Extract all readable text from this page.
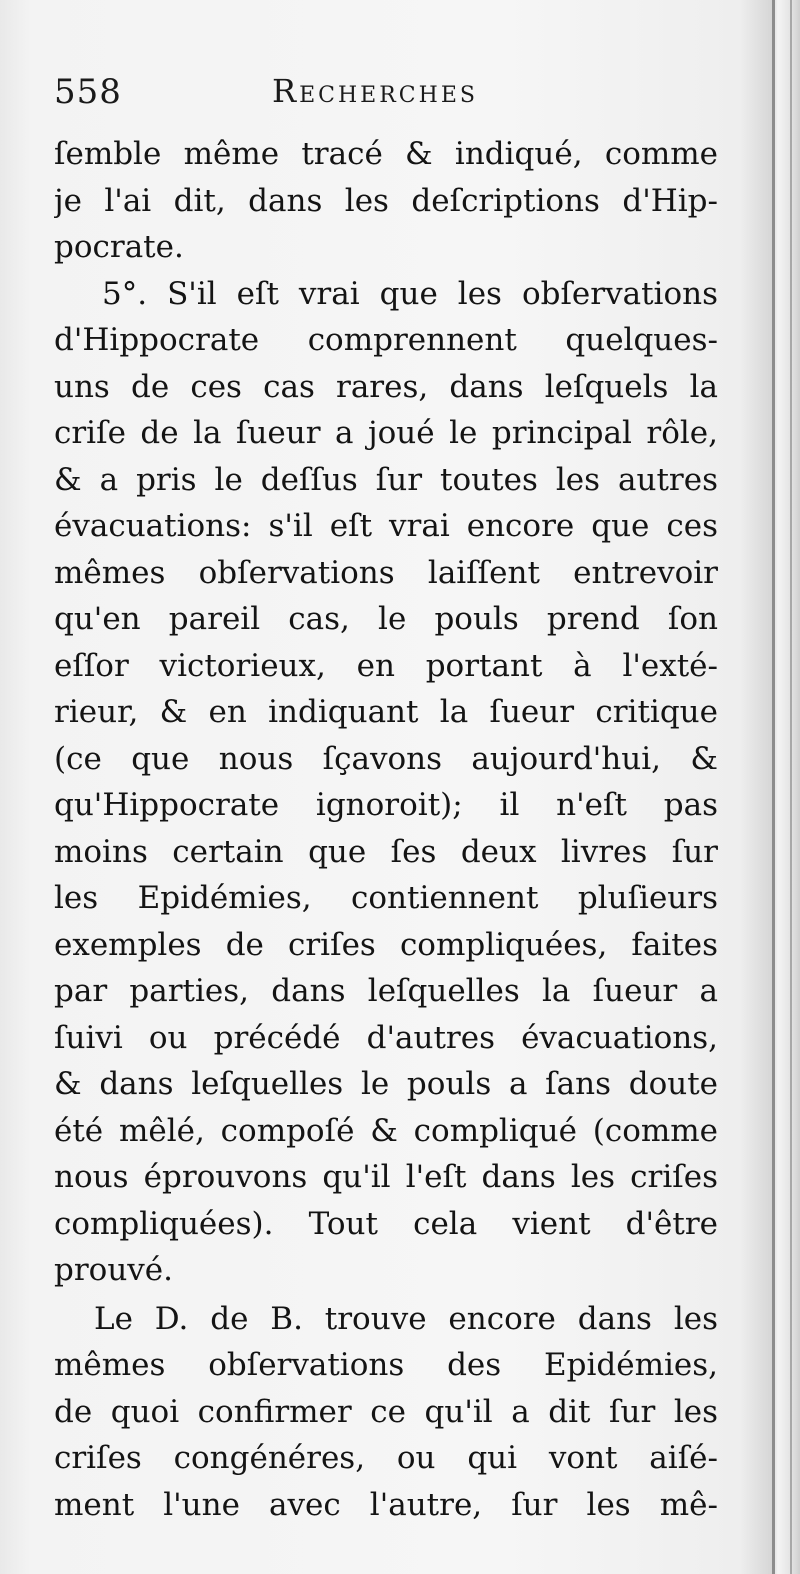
558	Recherches
ſemble même tracé & indiqué, comme
je l'ai dit, dans les deſcriptions d'Hip-
pocrate.
5°. S'il eſt vrai que les obſervations
d'Hippocrate comprennent quelques-
uns de ces cas rares, dans leſquels la
criſe de la ſueur a joué le principal rôle,
& a pris le deſſus ſur toutes les autres
évacuations: s'il eſt vrai encore que ces
mêmes obſervations laiſſent entrevoir
qu'en pareil cas, le pouls prend ſon
eſſor victorieux, en portant à l'exté-
rieur, & en indiquant la ſueur critique
(ce que nous ſçavons aujourd'hui, &
qu'Hippocrate ignoroit); il n'eſt pas
moins certain que ſes deux livres ſur
les Epidémies, contiennent pluſieurs
exemples de criſes compliquées, faites
par parties, dans leſquelles la ſueur a
ſuivi ou précédé d'autres évacuations,
& dans leſquelles le pouls a ſans doute
été mêlé, compoſé & compliqué (comme
nous éprouvons qu'il l'eſt dans les criſes
compliquées). Tout cela vient d'être
prouvé.
Le D. de B. trouve encore dans les
mêmes obſervations des Epidémies,
de quoi confirmer ce qu'il a dit ſur les
criſes congénéres, ou qui vont aiſé-
ment l'une avec l'autre, ſur les mê-
